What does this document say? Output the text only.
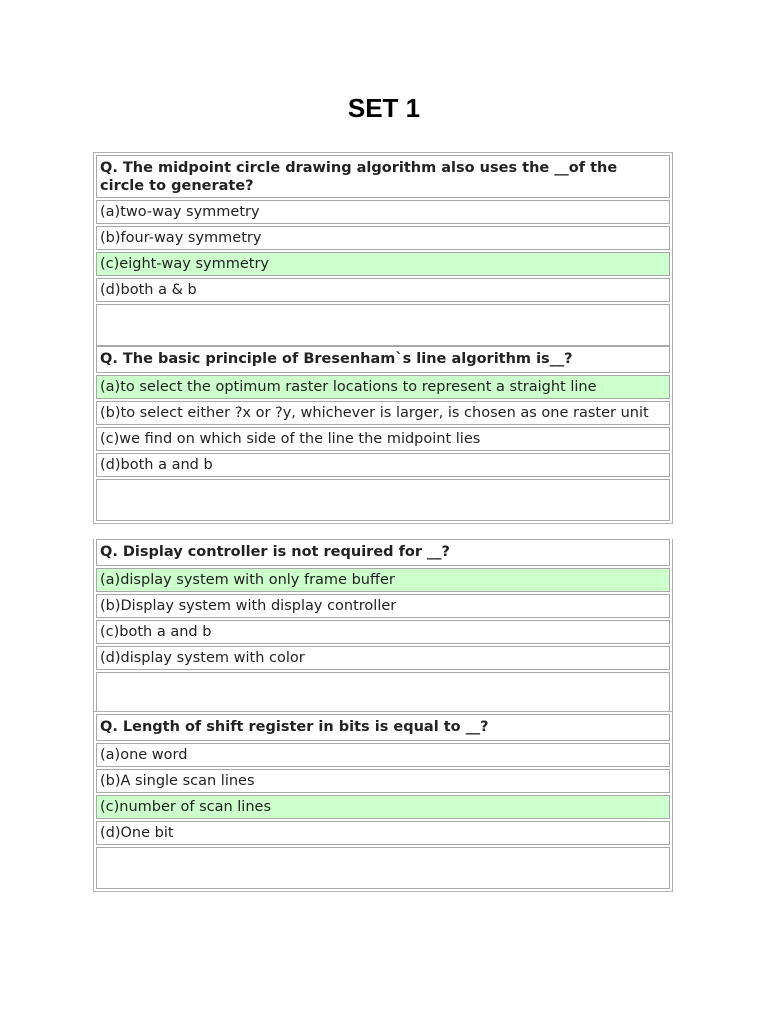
SET 1
Q. The midpoint circle drawing algorithm also uses the __of the circle to generate?
(a)two-way symmetry
(b)four-way symmetry
(c)eight-way symmetry
(d)both a & b
Q. The basic principle of Bresenham`s line algorithm is__?
(a)to select the optimum raster locations to represent a straight line
(b)to select either ?x or ?y, whichever is larger, is chosen as one raster unit
(c)we find on which side of the line the midpoint lies
(d)both a and b
Q. Display controller is not required for __?
(a)display system with only frame buffer
(b)Display system with display controller
(c)both a and b
(d)display system with color
Q. Length of shift register in bits is equal to __?
(a)one word
(b)A single scan lines
(c)number of scan lines
(d)One bit
